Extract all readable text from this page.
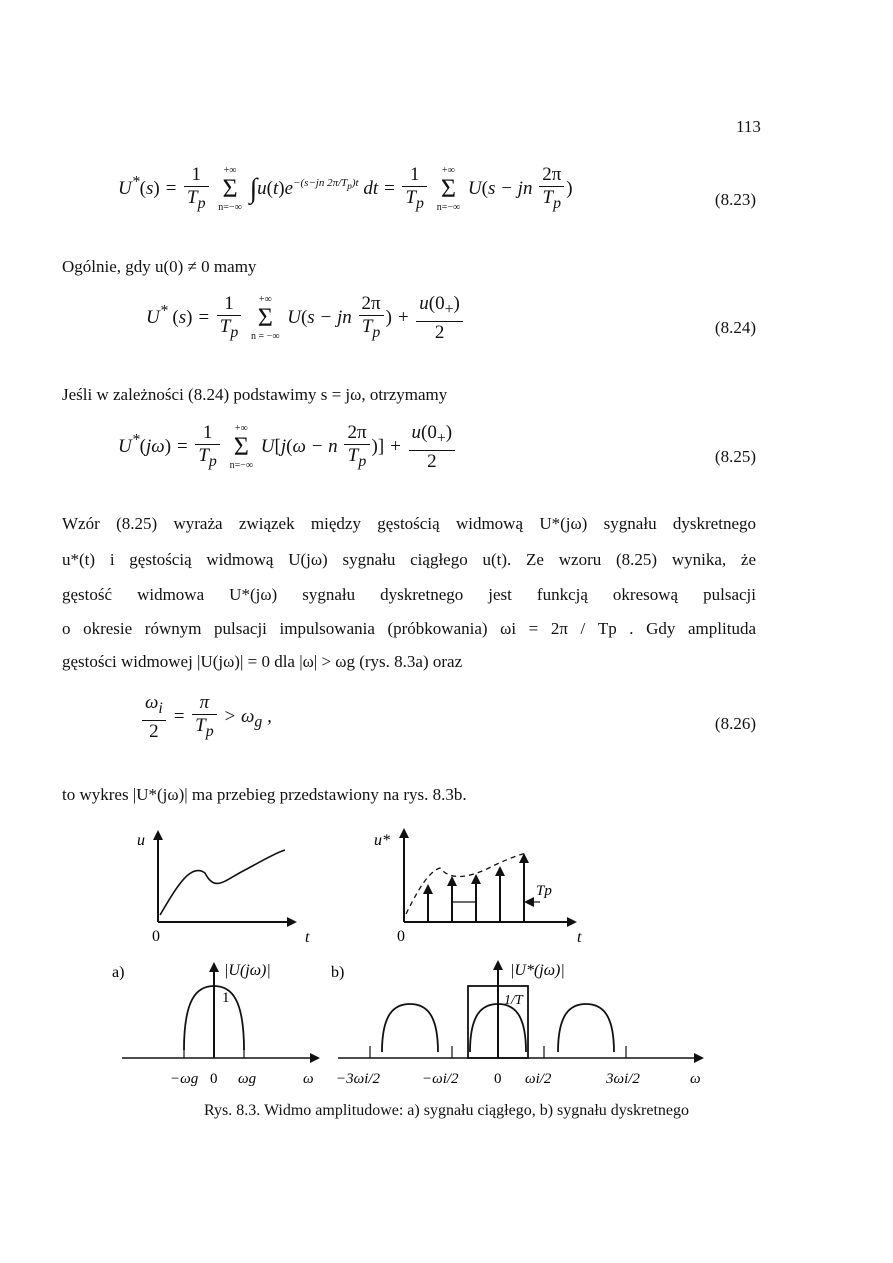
113
$U^*(s) = \frac{1}{T_p}$
	+∞
Σ
n=−∞
$\int u(t)e^{-(s-jn 2\pi/T_p)t}$ dt = $\frac{1}{T_p}$
	+∞
Σ
n=−∞
U(s − jn $\frac{2\pi}{T_p}$ )
(8.23)
Ogólnie, gdy u(0) ≠ 0 mamy
U* $(s) = \frac{1}{T_p}$
	+∞
Σ
n = −∞
U(s − jn $\frac{2\pi}{T_p}$ ) + $\frac{u(0_+)}{2}$	(8.24)
Jeśli w zależności (8.24) podstawimy s = jω, otrzymamy
$U^*(j\omega) = \frac{1}{T_p}$
	+∞
Σ
n=−∞
U[j(ω − n $\frac{2\pi}{T_p}$ )] + $\frac{u(0_+)}{2}$	(8.25)
Wzór (8.25) wyraża związek między gęstością widmową U*(jω) sygnału dyskretnego
u*(t) i gęstością widmową U(jω) sygnału ciągłego u(t). Ze wzoru (8.25) wynika, że
gęstość widmowa U*(jω) sygnału dyskretnego jest funkcją okresową pulsacji
o okresie równym pulsacji impulsowania (próbkowania) ωi = 2π / Tp . Gdy amplituda
gęstości widmowej |U(jω)| = 0 dla |ω| > ωg (rys. 8.3a) oraz
$\frac{\omega_i}{2} = \frac{\pi}{T_p} > \omega_g$ ,	(8.26)
to wykres |U*(jω)| ma przebieg przedstawiony na rys. 8.3b.
u
0	t
u*
0	t
Tp
a)	|U(jω)|
1
−ωg 0 ωg	ω
b)	|U*(jω)|
1/T
−3ωi/2	−ωi/2 0 ωi/2	3ωi/2	ω
Rys. 8.3. Widmo amplitudowe: a) sygnału ciągłego, b) sygnału dyskretnego
